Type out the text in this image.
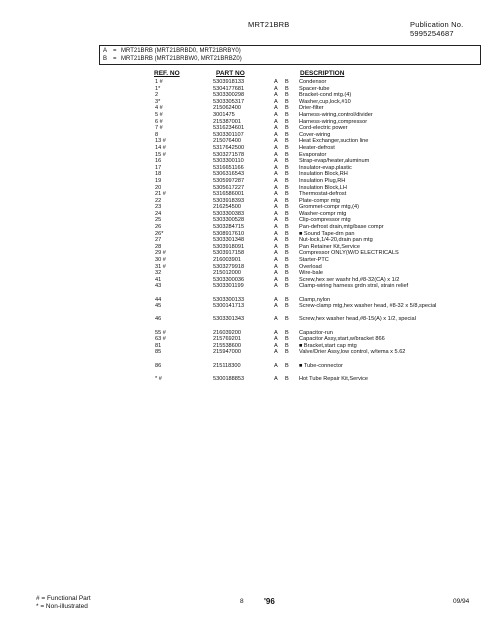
MRT21BRB	Publication No.
5995254687
A = MRT21BRB (MRT21BRBD0, MRT21BRBY0)
B = MRT21BRB (MRT21BRBW0, MRT21BRBZ0)
REF. NO	PART NO	DESCRIPTION
1 #	5303918133	A B Condensor
1*	5304177681	A B Spacer-tube
2	5303300298	A B Bracket-cond mtg.(4)
3*	5303305317	A B Washer,cup,lock,#10
4 #	215062400	A B Drier-filter
5 #	3001475	A B Harness-wiring,control/divider
6 #	215387001	A B Harness-wiring,compressor
7 #	5316234601	A B Cord-electric power
8	5303301107	A B Cover-wiring
13 #	215076400	A B Heat Exchanger,suction line
14 #	5317642500	A B Heater-defrost
15 #	5303271578	A B Evaporator
16	5303300110	A B Strap-evap/heater,aluminum
17	5316651166	A B Insulator-evap.plastic
18	5306316543	A B Insulation Block,RH
19	5305997287	A B Insulation Plug,RH
20	5305617227	A B Insulation Block,LH
21 #	5316586001	A B Thermostat-defrost
22	5303918393	A B Plate-compr mtg
23	216254500	A B Grommet-compr mtg,(4)
24	5303300383	A B Washer-compr mtg
25	5303300528	A B Clip-compressor mtg
26	5303284715	A B Pan-defrost drain,mtg/base compr
26*	5308917610	A B ■ Sound Tape-drn pan
27	5303301348	A B Nut-lock,1/4-20,drain pan mtg
28	5303918091	A B Pan Retainer Kit,Service
29 #	5303917158	A B Compressor ONLY(W/O ELECTRICALS
30 #	216003901	A B Starter-PTC
31 #	5303279918	A B Overload
32	215012000	A B Wire-bale
41	5303300036	A B Screw,hex ser washr hd,#8-32(CA) x 1/2
43	5303301199	A B Clamp-wiring harness grdn strsl, strain relief
44	5303300133	A B Clamp,nylon
45	5300141713	A B Screw-clamp mtg,hex washer head, #8-32 x 5/8,special
46	5303301343	A B Screw,hex washer head,#8-15(A) x 1/2, special
55 #	216039200	A B Capacitor-run
63 #	215769201	A B Capacitor Assy,start,w/bracket 866
81	215538600	A B ■ Bracket,start cap mtg
85	215947000	A B Valve/Drier Assy,low control, w/tema x 5.62
86	215118300	A B ■ Tube-connector
* #	5300188853	A B Hot Tube Repair Kit,Service
# = Functional Part
* = Non-illustrated
8	'96	09/94
